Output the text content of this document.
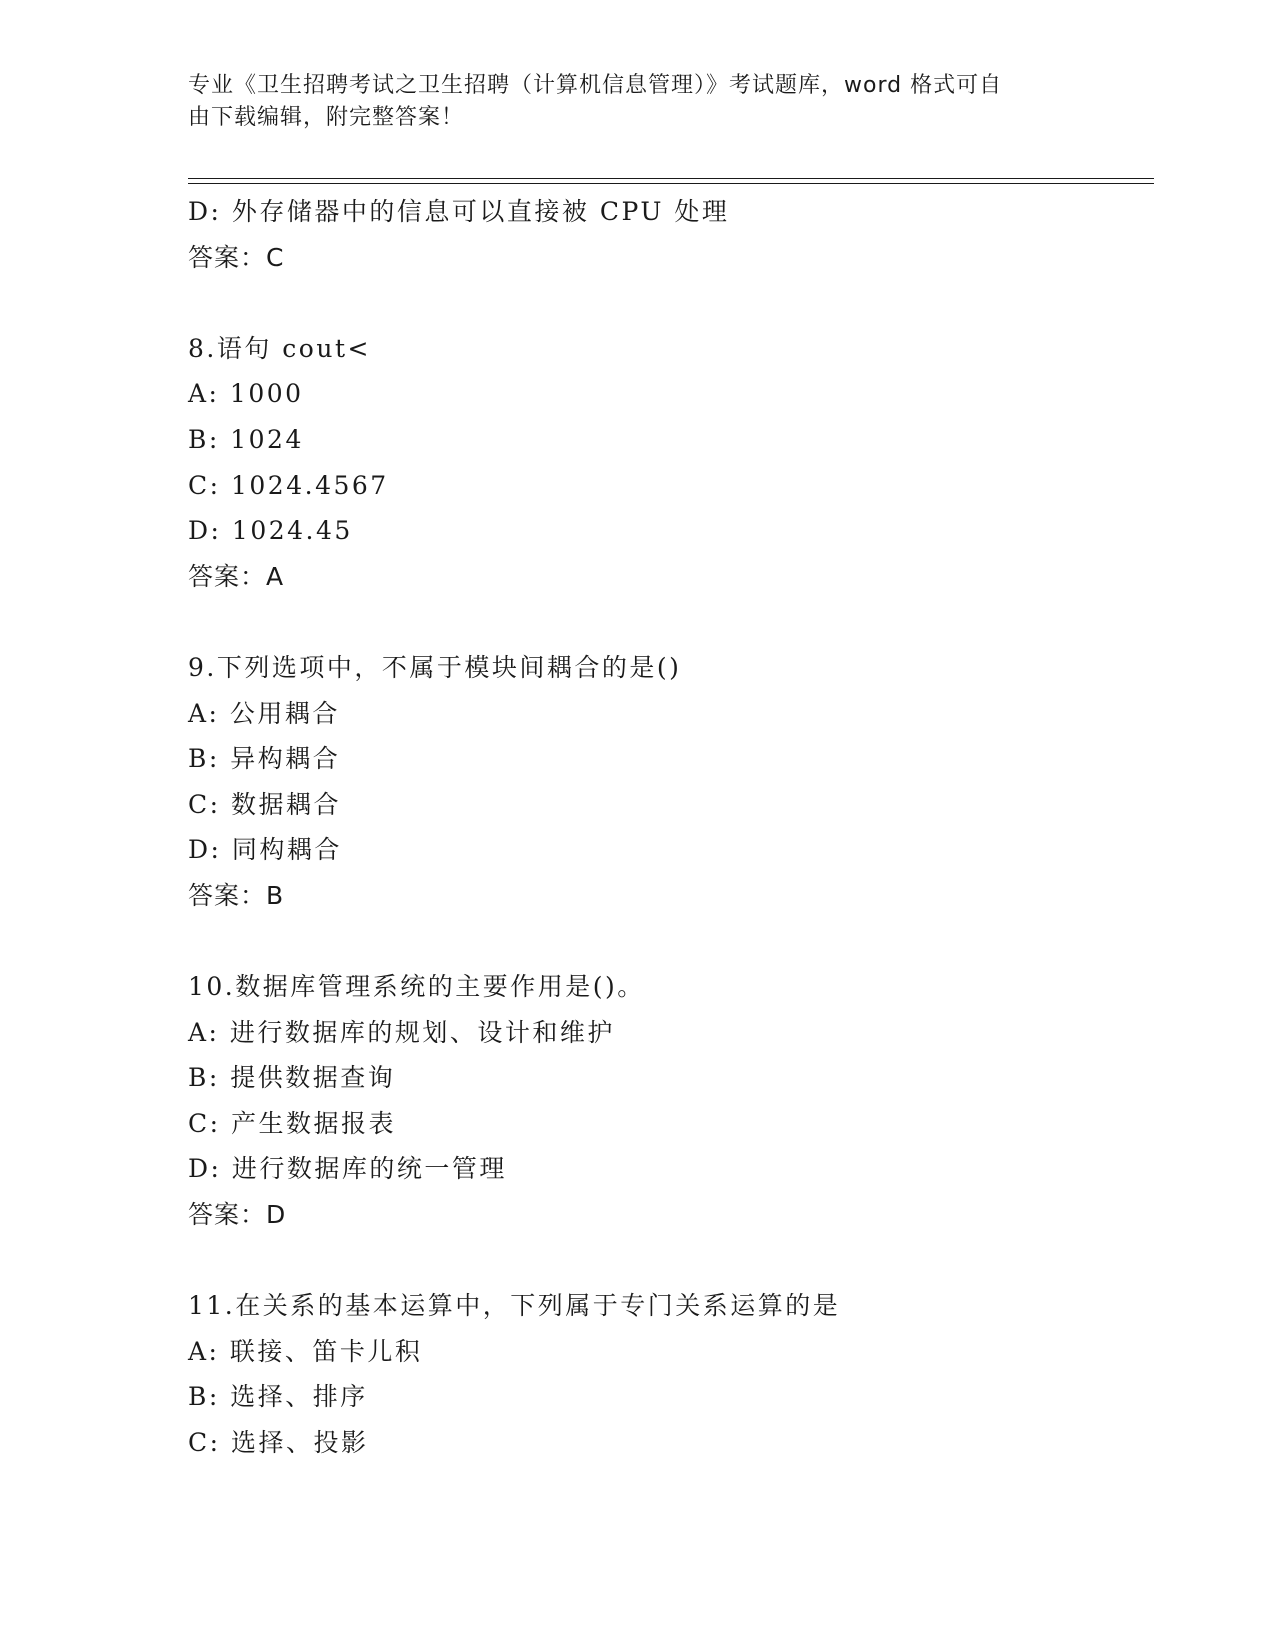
专业《卫生招聘考试之卫生招聘（计算机信息管理）》考试题库，word 格式可自
由下载编辑，附完整答案！
D: 外存储器中的信息可以直接被 CPU 处理
答案：C
8.语句 cout<
A: 1000
B: 1024
C: 1024.4567
D: 1024.45
答案：A
9.下列选项中，不属于模块间耦合的是()
A: 公用耦合
B: 异构耦合
C: 数据耦合
D: 同构耦合
答案：B
10.数据库管理系统的主要作用是()。
A: 进行数据库的规划、设计和维护
B: 提供数据查询
C: 产生数据报表
D: 进行数据库的统一管理
答案：D
11.在关系的基本运算中，下列属于专门关系运算的是
A: 联接、笛卡儿积
B: 选择、排序
C: 选择、投影
